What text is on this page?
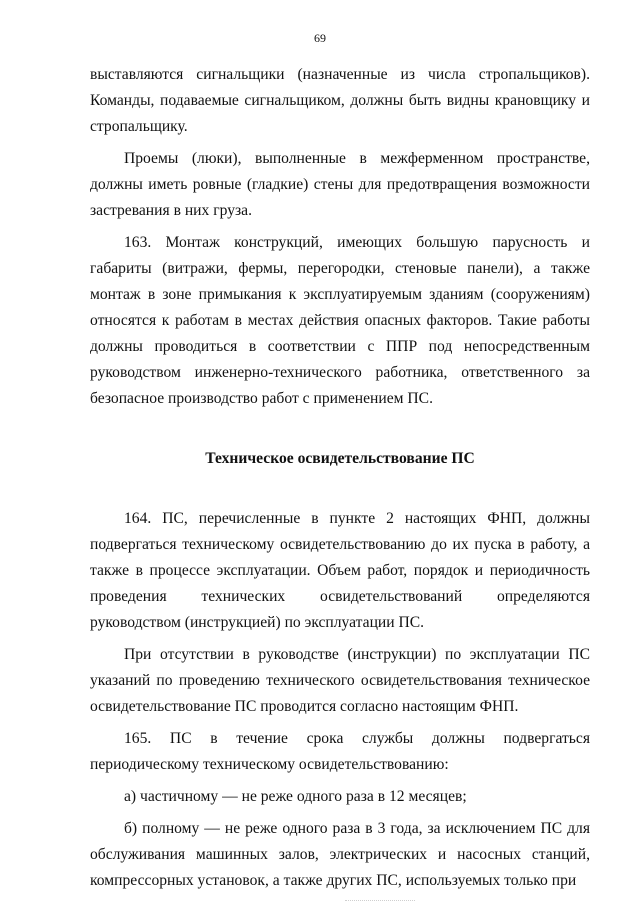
69

выставляются сигнальщики (назначенные из числа стропальщиков). Команды, подаваемые сигнальщиком, должны быть видны крановщику и стропальщику.

Проемы (люки), выполненные в межферменном пространстве, должны иметь ровные (гладкие) стены для предотвращения возможности застревания в них груза.

163. Монтаж конструкций, имеющих большую парусность и габариты (витражи, фермы, перегородки, стеновые панели), а также монтаж в зоне примыкания к эксплуатируемым зданиям (сооружениям) относятся к работам в местах действия опасных факторов. Такие работы должны проводиться в соответствии с ППР под непосредственным руководством инженерно-технического работника, ответственного за безопасное производство работ с применением ПС.

Техническое освидетельствование ПС

164. ПС, перечисленные в пункте 2 настоящих ФНП, должны подвергаться техническому освидетельствованию до их пуска в работу, а также в процессе эксплуатации. Объем работ, порядок и периодичность проведения технических освидетельствований определяются руководством (инструкцией) по эксплуатации ПС.

При отсутствии в руководстве (инструкции) по эксплуатации ПС указаний по проведению технического освидетельствования техническое освидетельствование ПС проводится согласно настоящим ФНП.

165. ПС в течение срока службы должны подвергаться периодическому техническому освидетельствованию:

а) частичному — не реже одного раза в 12 месяцев;

б) полному — не реже одного раза в 3 года, за исключением ПС для обслуживания машинных залов, электрических и насосных станций, компрессорных установок, а также других ПС, используемых только при
